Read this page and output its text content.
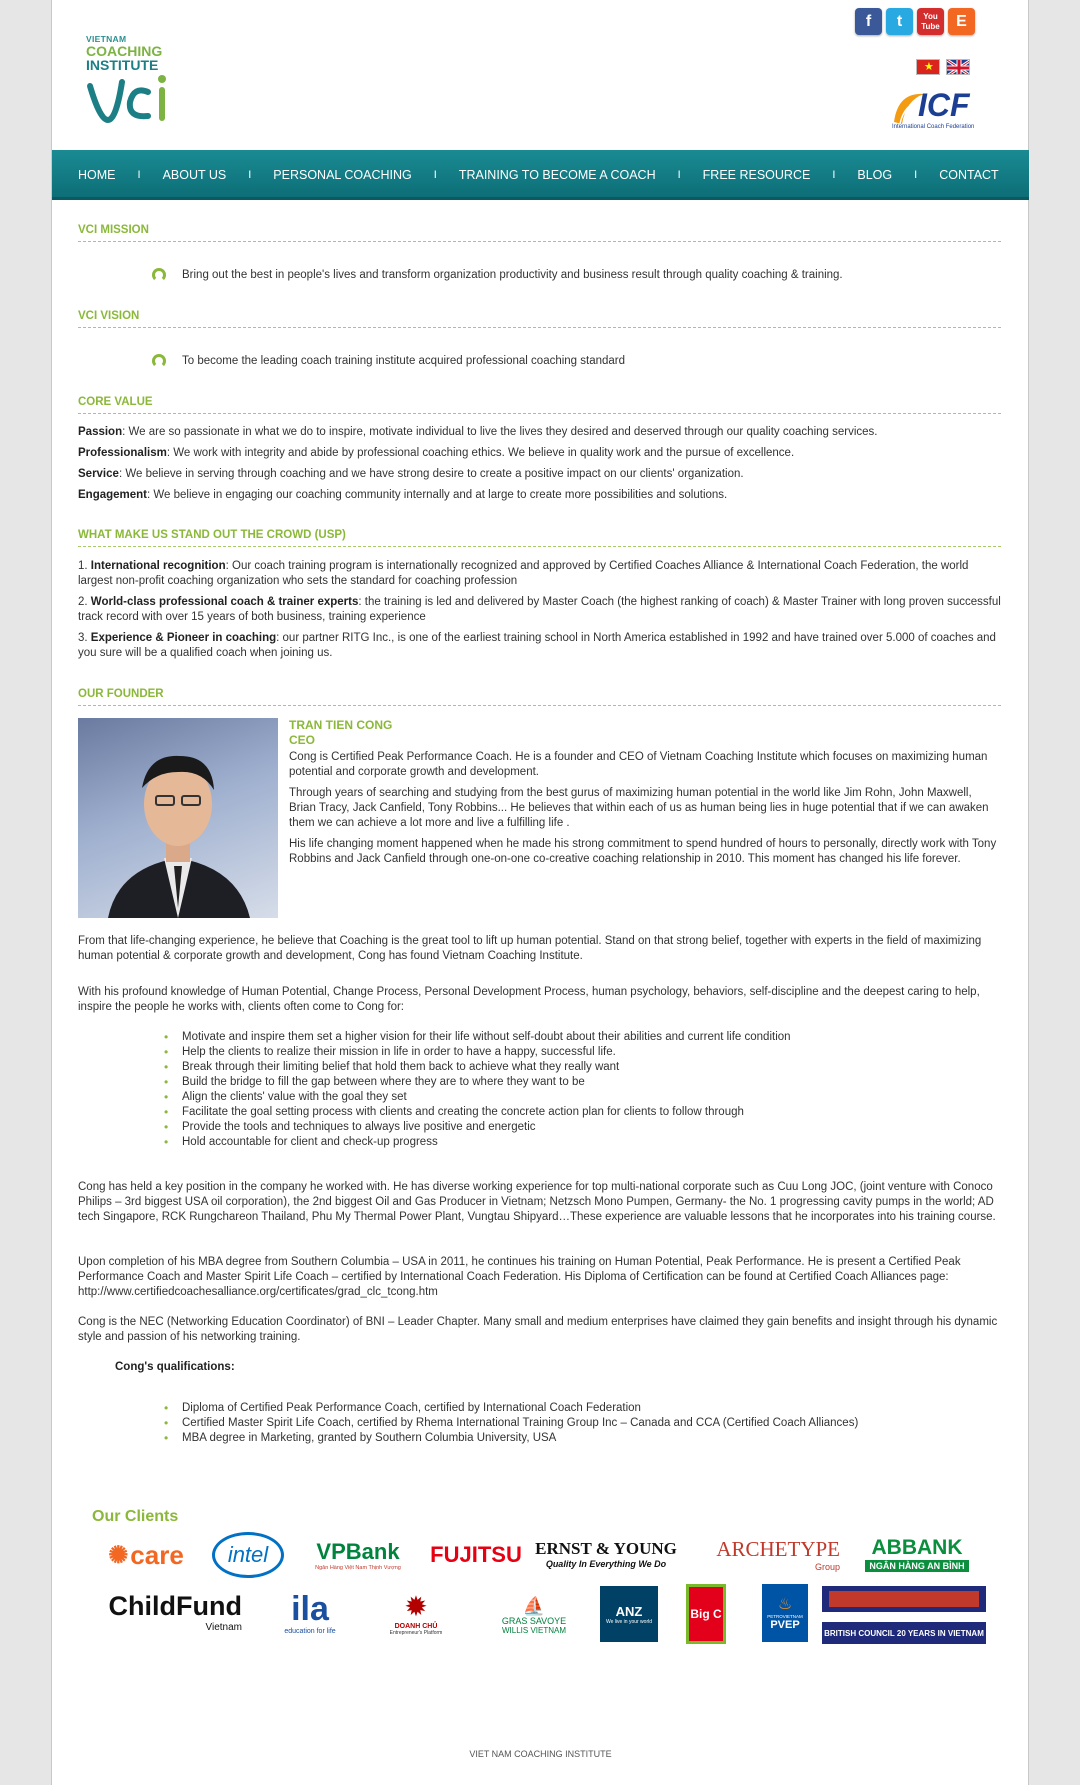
VIETNAM
COACHING
INSTITUTE
f	t	You Tube	E
★
ICF
International Coach Federation
HOME I ABOUT US I PERSONAL COACHING I TRAINING TO BECOME A COACH I FREE RESOURCE I BLOG I CONTACT
VCI MISSION
Bring out the best in people's lives and transform organization productivity and business result through quality coaching & training.
VCI VISION
To become the leading coach training institute acquired professional coaching standard
CORE VALUE
Passion: We are so passionate in what we do to inspire, motivate individual to live the lives they desired and deserved through our quality coaching services.
Professionalism: We work with integrity and abide by professional coaching ethics. We believe in quality work and the pursue of excellence.
Service: We believe in serving through coaching and we have strong desire to create a positive impact on our clients' organization.
Engagement: We believe in engaging our coaching community internally and at large to create more possibilities and solutions.
WHAT MAKE US STAND OUT THE CROWD (USP)
1. International recognition: Our coach training program is internationally recognized and approved by Certified Coaches Alliance & International Coach Federation, the world largest non-profit coaching organization who sets the standard for coaching profession
2. World-class professional coach & trainer experts: the training is led and delivered by Master Coach (the highest ranking of coach) & Master Trainer with long proven successful track record with over 15 years of both business, training experience
3. Experience & Pioneer in coaching: our partner RITG Inc., is one of the earliest training school in North America established in 1992 and have trained over 5.000 of coaches and you sure will be a qualified coach when joining us.
OUR FOUNDER
TRAN TIEN CONG
CEO

Cong is Certified Peak Performance Coach. He is a founder and CEO of Vietnam Coaching Institute which focuses on maximizing human potential and corporate growth and development.

Through years of searching and studying from the best gurus of maximizing human potential in the world like Jim Rohn, John Maxwell, Brian Tracy, Jack Canfield, Tony Robbins... He believes that within each of us as human being lies in huge potential that if we can awaken them we can achieve a lot more and live a fulfilling life .

His life changing moment happened when he made his strong commitment to spend hundred of hours to personally, directly work with Tony Robbins and Jack Canfield through one-on-one co-creative coaching relationship in 2010. This moment has changed his life forever.

From that life-changing experience, he believe that Coaching is the great tool to lift up human potential. Stand on that strong belief, together with experts in the field of maximizing human potential & corporate growth and development, Cong has found Vietnam Coaching Institute.
With his profound knowledge of Human Potential, Change Process, Personal Development Process, human psychology, behaviors, self-discipline and the deepest caring to help, inspire the people he works with, clients often come to Cong for:
• Motivate and inspire them set a higher vision for their life without self-doubt about their abilities and current life condition
• Help the clients to realize their mission in life in order to have a happy, successful life.
• Break through their limiting belief that hold them back to achieve what they really want
• Build the bridge to fill the gap between where they are to where they want to be
• Align the clients' value with the goal they set
• Facilitate the goal setting process with clients and creating the concrete action plan for clients to follow through
• Provide the tools and techniques to always live positive and energetic
• Hold accountable for client and check-up progress
Cong has held a key position in the company he worked with. He has diverse working experience for top multi-national corporate such as Cuu Long JOC, (joint venture with Conoco Philips – 3rd biggest USA oil corporation), the 2nd biggest Oil and Gas Producer in Vietnam; Netzsch Mono Pumpen, Germany- the No. 1 progressing cavity pumps in the world; AD tech Singapore, RCK Rungchareon Thailand, Phu My Thermal Power Plant, Vungtau Shipyard…These experience are valuable lessons that he incorporates into his training course.
Upon completion of his MBA degree from Southern Columbia – USA in 2011, he continues his training on Human Potential, Peak Performance. He is present a Certified Peak Performance Coach and Master Spirit Life Coach – certified by International Coach Federation. His Diploma of Certification can be found at Certified Coach Alliances page: http://www.certifiedcoachesalliance.org/certificates/grad_clc_tcong.htm
Cong is the NEC (Networking Education Coordinator) of BNI – Leader Chapter. Many small and medium enterprises have claimed they gain benefits and insight through his dynamic style and passion of his networking training.
Cong's qualifications:
• Diploma of Certified Peak Performance Coach, certified by International Coach Federation
• Certified Master Spirit Life Coach, certified by Rhema International Training Group Inc – Canada and CCA (Certified Coach Alliances)
• MBA degree in Marketing, granted by Southern Columbia University, USA
Our Clients
✺ care	intel	VPBank
Ngân Hàng Việt Nam Thịnh Vượng
FUJITSU ERNST & YOUNG
Quality In Everything We Do
ARCHETYPE
Group
ABBANK
NGÂN HÀNG AN BÌNH
ChildFund
Vietnam ila
education for life
✹
DOANH CHỦ
Entrepreneur's Platform
⛵
GRAS SAVOYE
WILLIS VIETNAM
ANZ
We live in your world
Big C
♨
PETROVIETNAM
PVEP
BRITISH COUNCIL 20 YEARS IN VIETNAM
VIET NAM COACHING INSTITUTE
